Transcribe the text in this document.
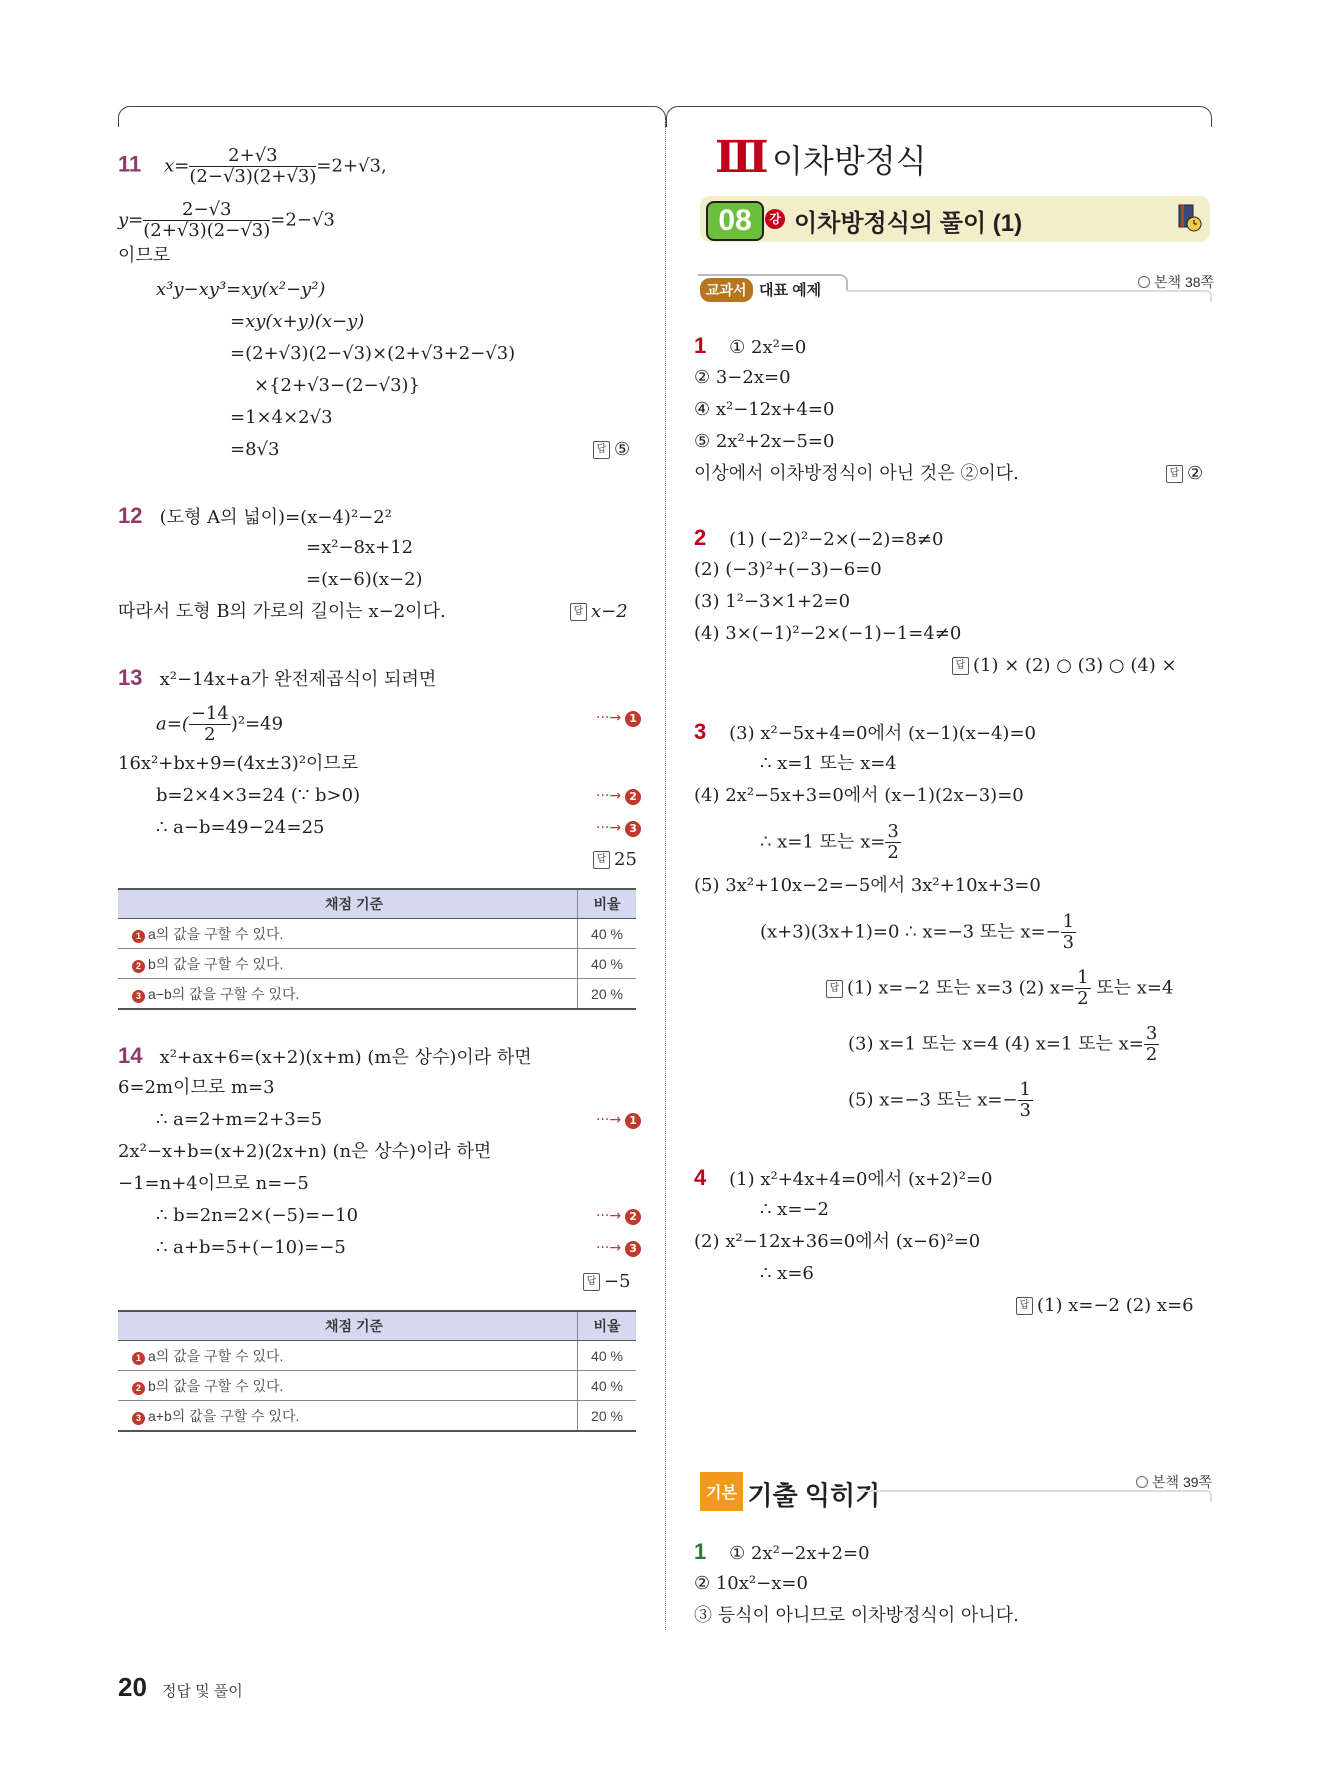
11 $x= \frac{2+√3}{(2-√3)(2+√3)} =2+√3$,
$y= \frac{2-√3}{(2+√3)(2-√3)} =2-√3$
이므로
x³y−xy³=xy(x²−y²)
=xy(x+y)(x−y)
=(2+√3)(2−√3)×(2+√3+2−√3)
×{2+√3−(2−√3)}
=1×4×2√3
=8√3	답 ⑤
12 (도형 A의 넓이)=(x−4)²−2²
=x²−8x+12
=(x−6)(x−2)
따라서 도형 B의 가로의 길이는 x−2이다.	답 x−2
13 x²−14x+a가 완전제곱식이 되려면
$a=( \frac{-14}{2} )^2=49$	···→ 1
16x²+bx+9=(4x±3)²이므로
b=2×4×3=24 (∵ b>0)	···→ 2
∴ a−b=49−24=25	···→ 3
답 25
채점 기준	비율
1 a의 값을 구할 수 있다.	40 %
2 b의 값을 구할 수 있다.	40 %
3 a−b의 값을 구할 수 있다.	20 %
14 x²+ax+6=(x+2)(x+m) (m은 상수)이라 하면
6=2m이므로 m=3
∴ a=2+m=2+3=5	···→ 1
2x²−x+b=(x+2)(2x+n) (n은 상수)이라 하면
−1=n+4이므로 n=−5
∴ b=2n=2×(−5)=−10	···→ 2
∴ a+b=5+(−10)=−5	···→ 3
답 −5
채점 기준	비율
1 a의 값을 구할 수 있다.	40 %
2 b의 값을 구할 수 있다.	40 %
3 a+b의 값을 구할 수 있다.	20 %
Ⅲ 이차방정식
08	강 이차방정식의 풀이 (1)
교과서 대표 예제	본책 38쪽
1 ① 2x²=0
② 3−2x=0
④ x²−12x+4=0
⑤ 2x²+2x−5=0
이상에서 이차방정식이 아닌 것은 ②이다.	답 ②
2 (1) (−2)²−2×(−2)=8≠0
(2) (−3)²+(−3)−6=0
(3) 1²−3×1+2=0
(4) 3×(−1)²−2×(−1)−1=4≠0
답 (1) × (2) ○ (3) ○ (4) ×
3 (3) x²−5x+4=0에서 (x−1)(x−4)=0
∴ x=1 또는 x=4
(4) 2x²−5x+3=0에서 (x−1)(2x−3)=0
∴ x=1 또는 $x= \frac{3}{2}$
(5) 3x²+10x−2=−5에서 3x²+10x+3=0
(x+3)(3x+1)=0 ∴ x=−3 또는 $x=- \frac{1}{3}$
답 (1) x=−2 또는 x=3 (2) $x= \frac{1}{2}$ 또는 x=4
(3) x=1 또는 x=4 (4) x=1 또는 $x= \frac{3}{2}$
(5) x=−3 또는 $x=- \frac{1}{3}$
4 (1) x²+4x+4=0에서 (x+2)²=0
∴ x=−2
(2) x²−12x+36=0에서 (x−6)²=0
∴ x=6
답 (1) x=−2 (2) x=6
기본 기출 익히기	본책 39쪽
1 ① 2x²−2x+2=0
② 10x²−x=0
③ 등식이 아니므로 이차방정식이 아니다.
20 정답 및 풀이
